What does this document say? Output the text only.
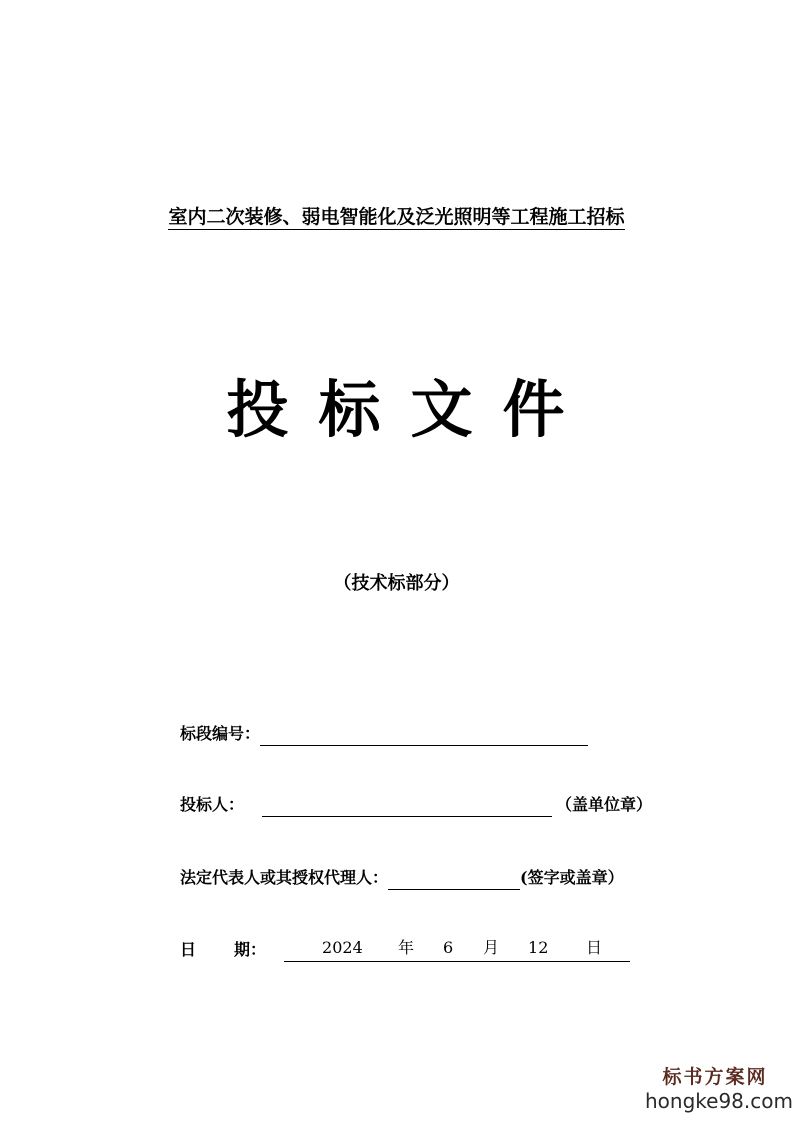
室内二次装修、弱电智能化及泛光照明等工程施工招标
投标文件
（技术标部分）
标段编号：
投标人：	（盖单位章）
法定代表人或其授权代理人：	(签字或盖章）
日 期：	2024 年 6 月 12 日
标书方案网
hongke98.com
